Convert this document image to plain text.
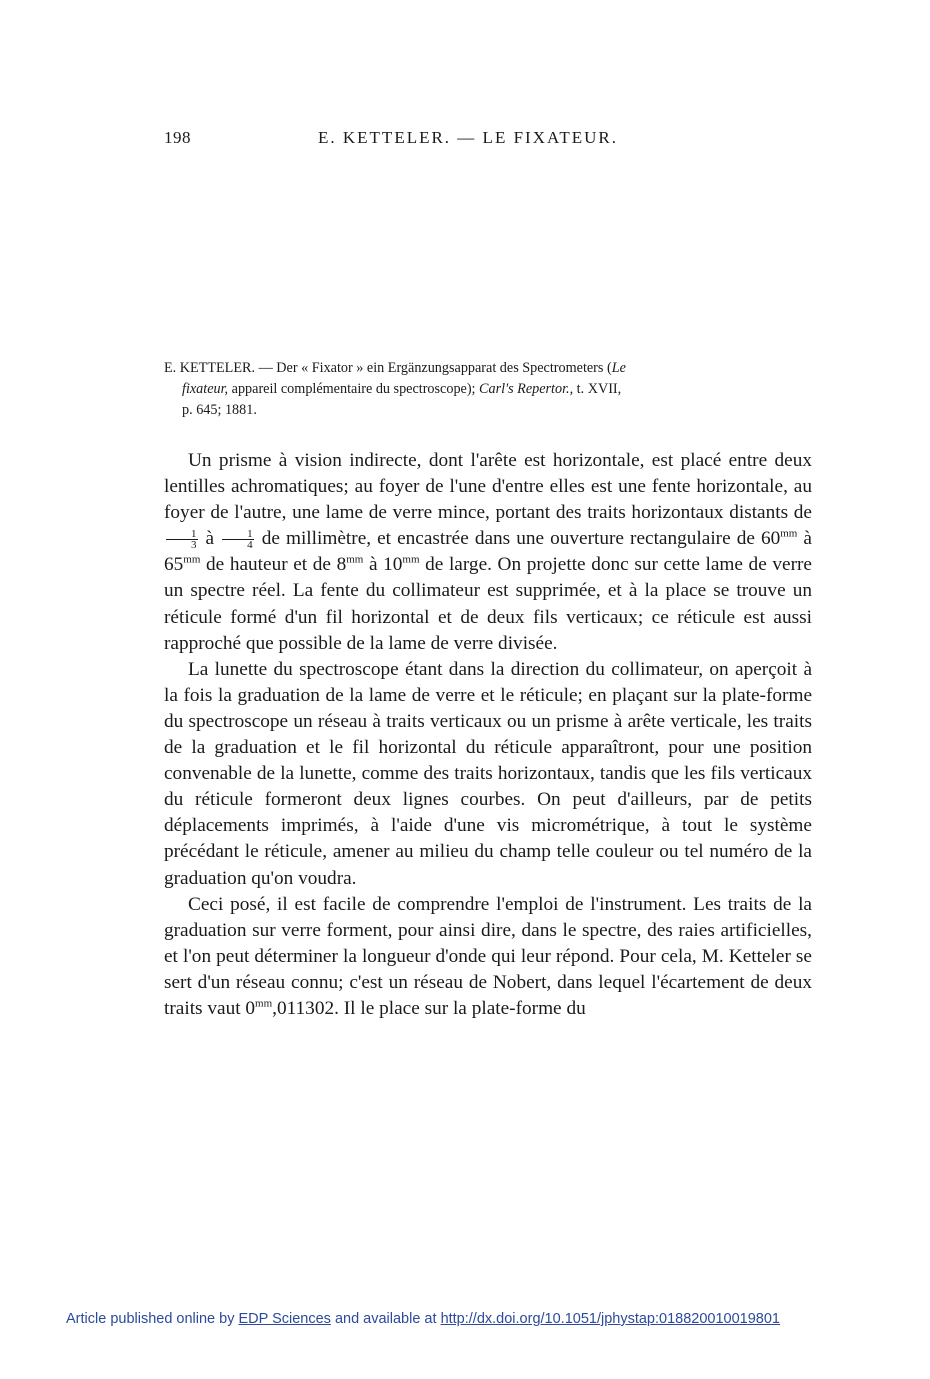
198	E. KETTELER. — LE FIXATEUR.
E. KETTELER. — Der « Fixator » ein Ergänzungsapparat des Spectrometers (Le
fixateur, appareil complémentaire du spectroscope); Carl's Repertor., t. XVII,
p. 645; 1881.

Un prisme à vision indirecte, dont l'arête est horizontale, est placé entre deux lentilles achromatiques; au foyer de l'une d'entre elles est une fente horizontale, au foyer de l'autre, une lame de verre mince, portant des traits horizontaux distants de
$\frac{1}{3}$ à $\frac{1}{4}$ de millimètre, et encastrée dans une ouverture rectangulaire de $60^{mm}$ à $65^{mm}$ de hauteur et de $8^{mm}$ à $10^{mm}$ de large. On projette donc sur cette lame de verre un spectre réel. La fente du collimateur est supprimée, et à la place se trouve un réticule formé d'un fil horizontal et de deux fils verticaux; ce réticule est aussi rapproché que possible de la lame de verre divisée.

La lunette du spectroscope étant dans la direction du collimateur, on aperçoit à la fois la graduation de la lame de verre et le réticule; en plaçant sur la plate-forme du spectroscope un réseau à traits verticaux ou un prisme à arête verticale, les traits de la graduation et le fil horizontal du réticule apparaîtront, pour une position convenable de la lunette, comme des traits horizontaux, tandis que les fils verticaux du réticule formeront deux lignes courbes. On peut d'ailleurs, par de petits déplacements imprimés, à l'aide d'une vis micrométrique, à tout le système précédant le réticule, amener au milieu du champ telle couleur ou tel numéro de la graduation qu'on voudra.

Ceci posé, il est facile de comprendre l'emploi de l'instrument. Les traits de la graduation sur verre forment, pour ainsi dire, dans le spectre, des raies artificielles, et l'on peut déterminer la longueur d'onde qui leur répond. Pour cela, M. Ketteler se sert d'un réseau connu; c'est un réseau de Nobert, dans lequel l'écartement de deux traits vaut $0^{mm},011302$. Il le place sur la plate-forme du

Article published online by EDP Sciences and available at http://dx.doi.org/10.1051/jphystap:018820010019801
